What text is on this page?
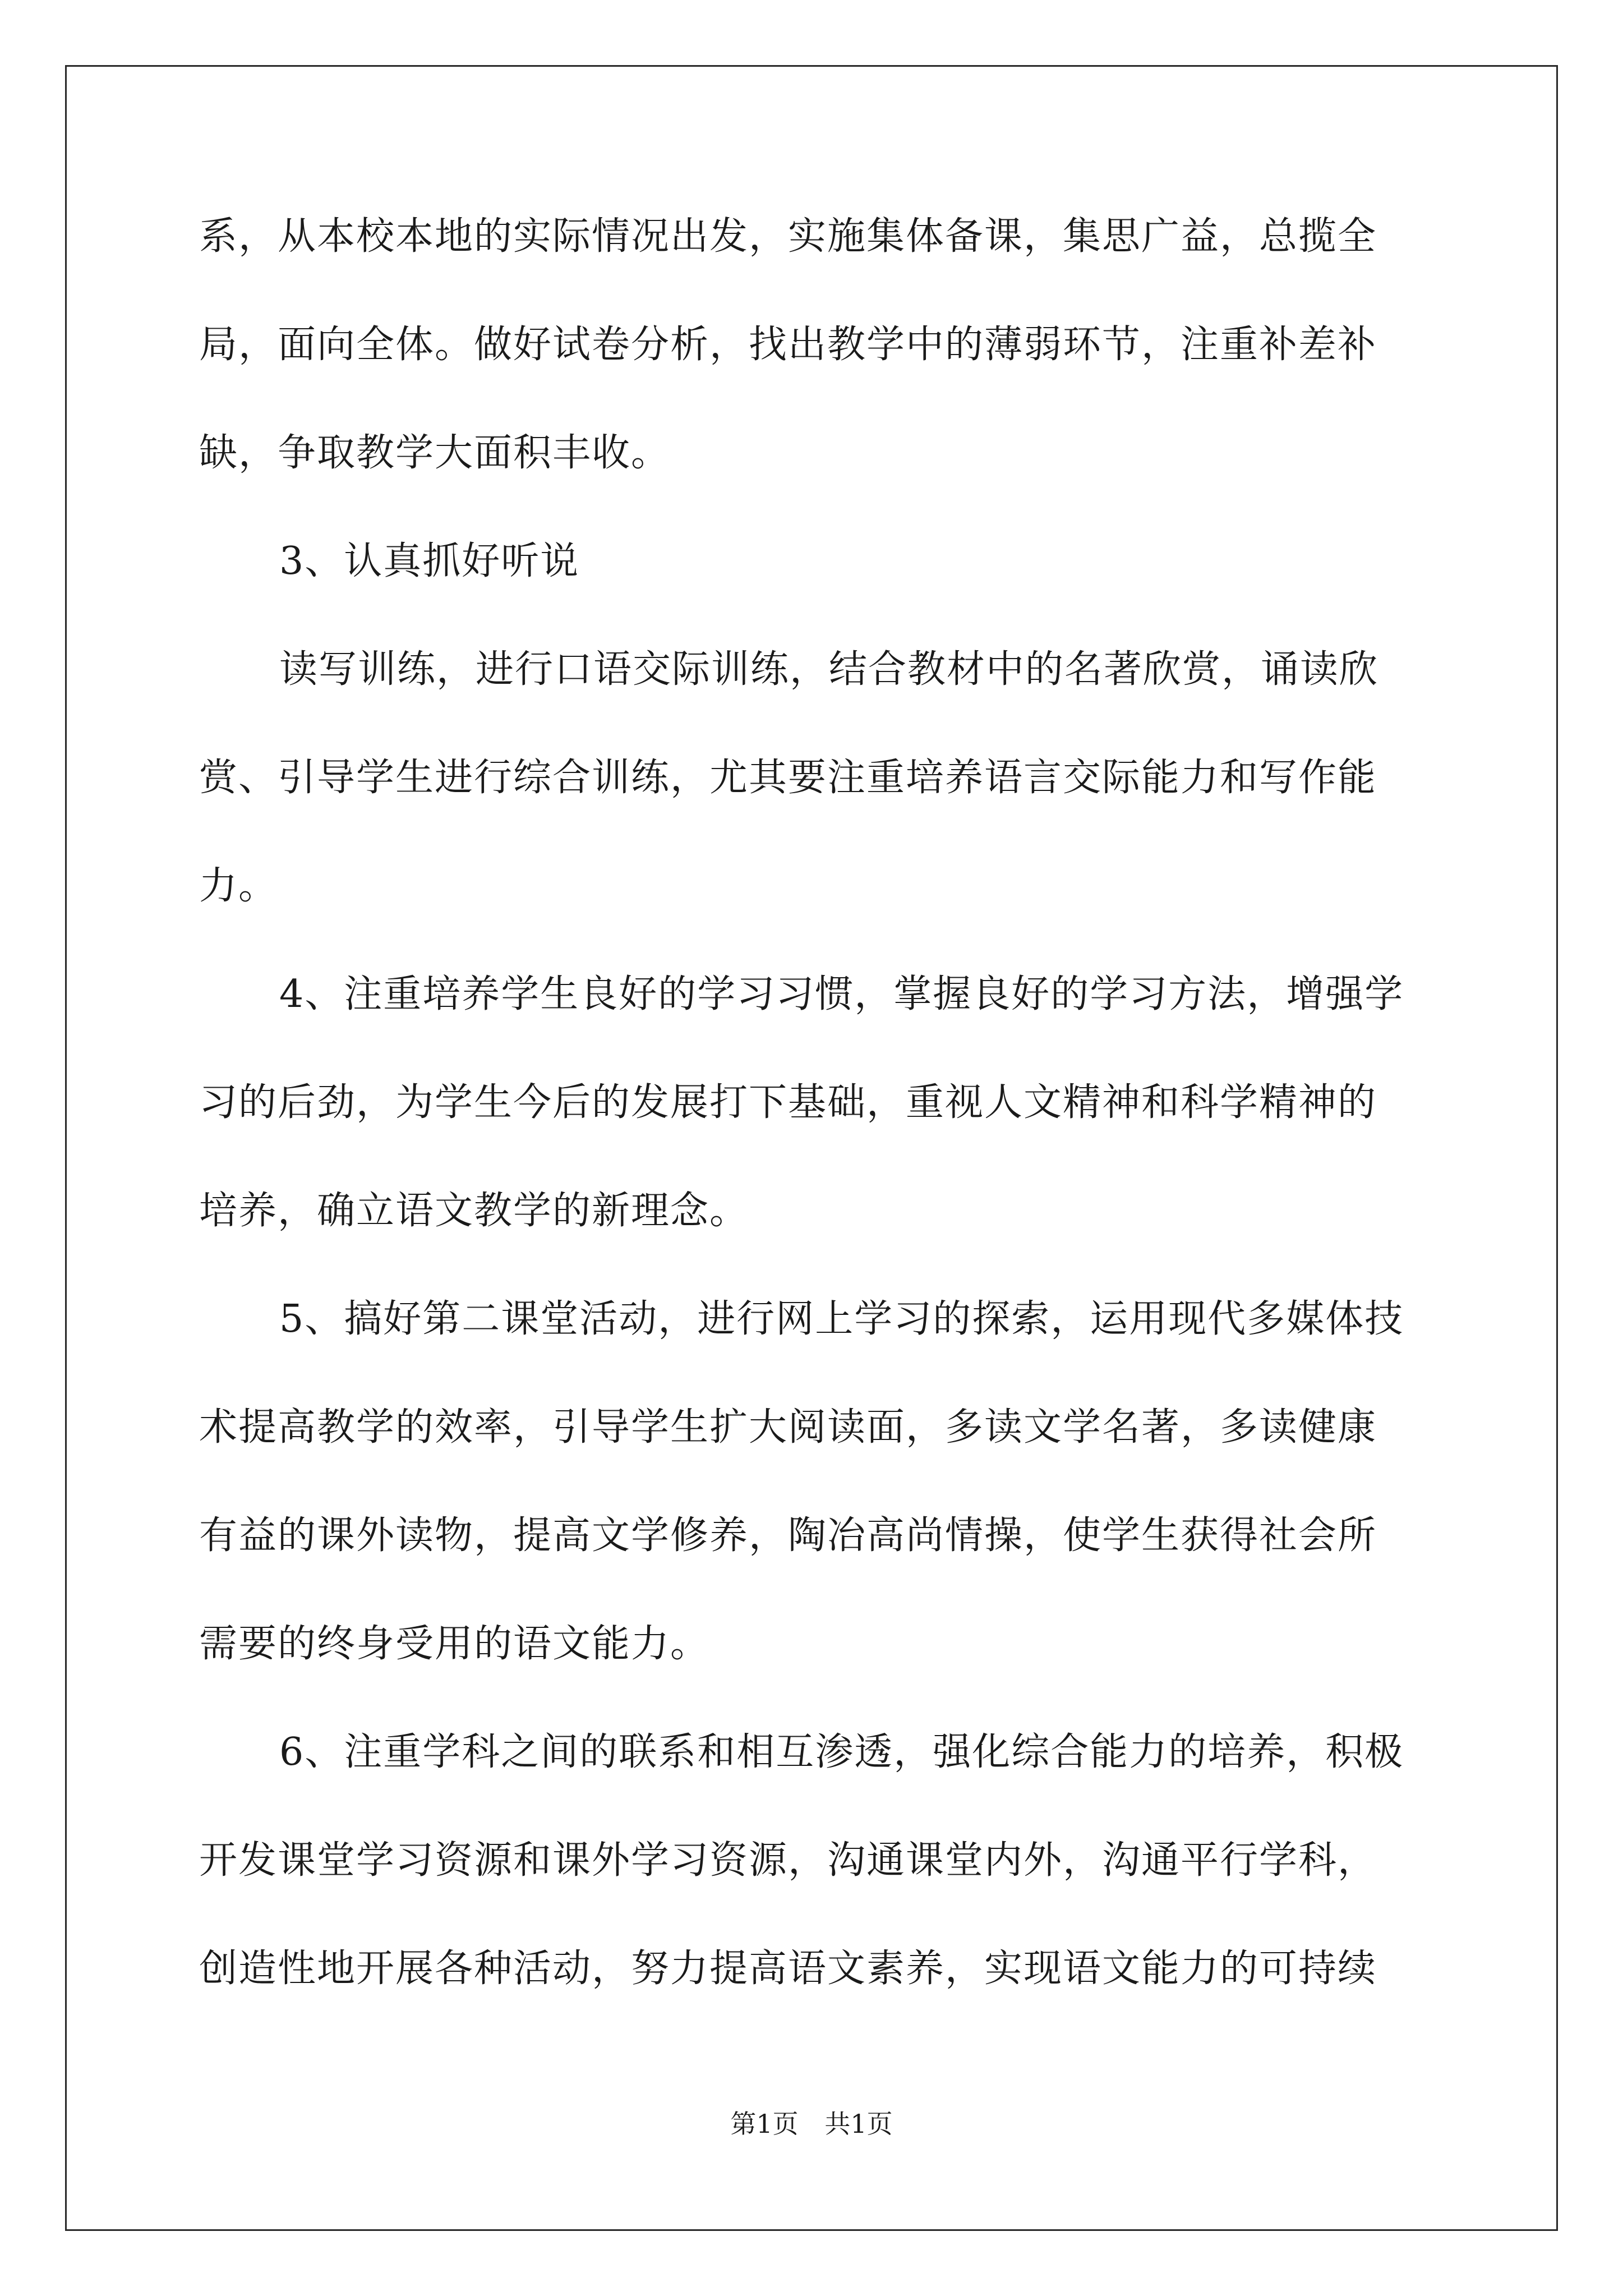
系，从本校本地的实际情况出发，实施集体备课，集思广益，总揽全
局，面向全体。做好试卷分析，找出教学中的薄弱环节，注重补差补
缺，争取教学大面积丰收。
3、认真抓好听说
读写训练，进行口语交际训练，结合教材中的名著欣赏，诵读欣
赏、引导学生进行综合训练，尤其要注重培养语言交际能力和写作能
力。
4、注重培养学生良好的学习习惯，掌握良好的学习方法，增强学
习的后劲，为学生今后的发展打下基础，重视人文精神和科学精神的
培养，确立语文教学的新理念。
5、搞好第二课堂活动，进行网上学习的探索，运用现代多媒体技
术提高教学的效率，引导学生扩大阅读面，多读文学名著，多读健康
有益的课外读物，提高文学修养，陶冶高尚情操，使学生获得社会所
需要的终身受用的语文能力。
6、注重学科之间的联系和相互渗透，强化综合能力的培养，积极
开发课堂学习资源和课外学习资源，沟通课堂内外，沟通平行学科，
创造性地开展各种活动，努力提高语文素养，实现语文能力的可持续
第1页 共1页
